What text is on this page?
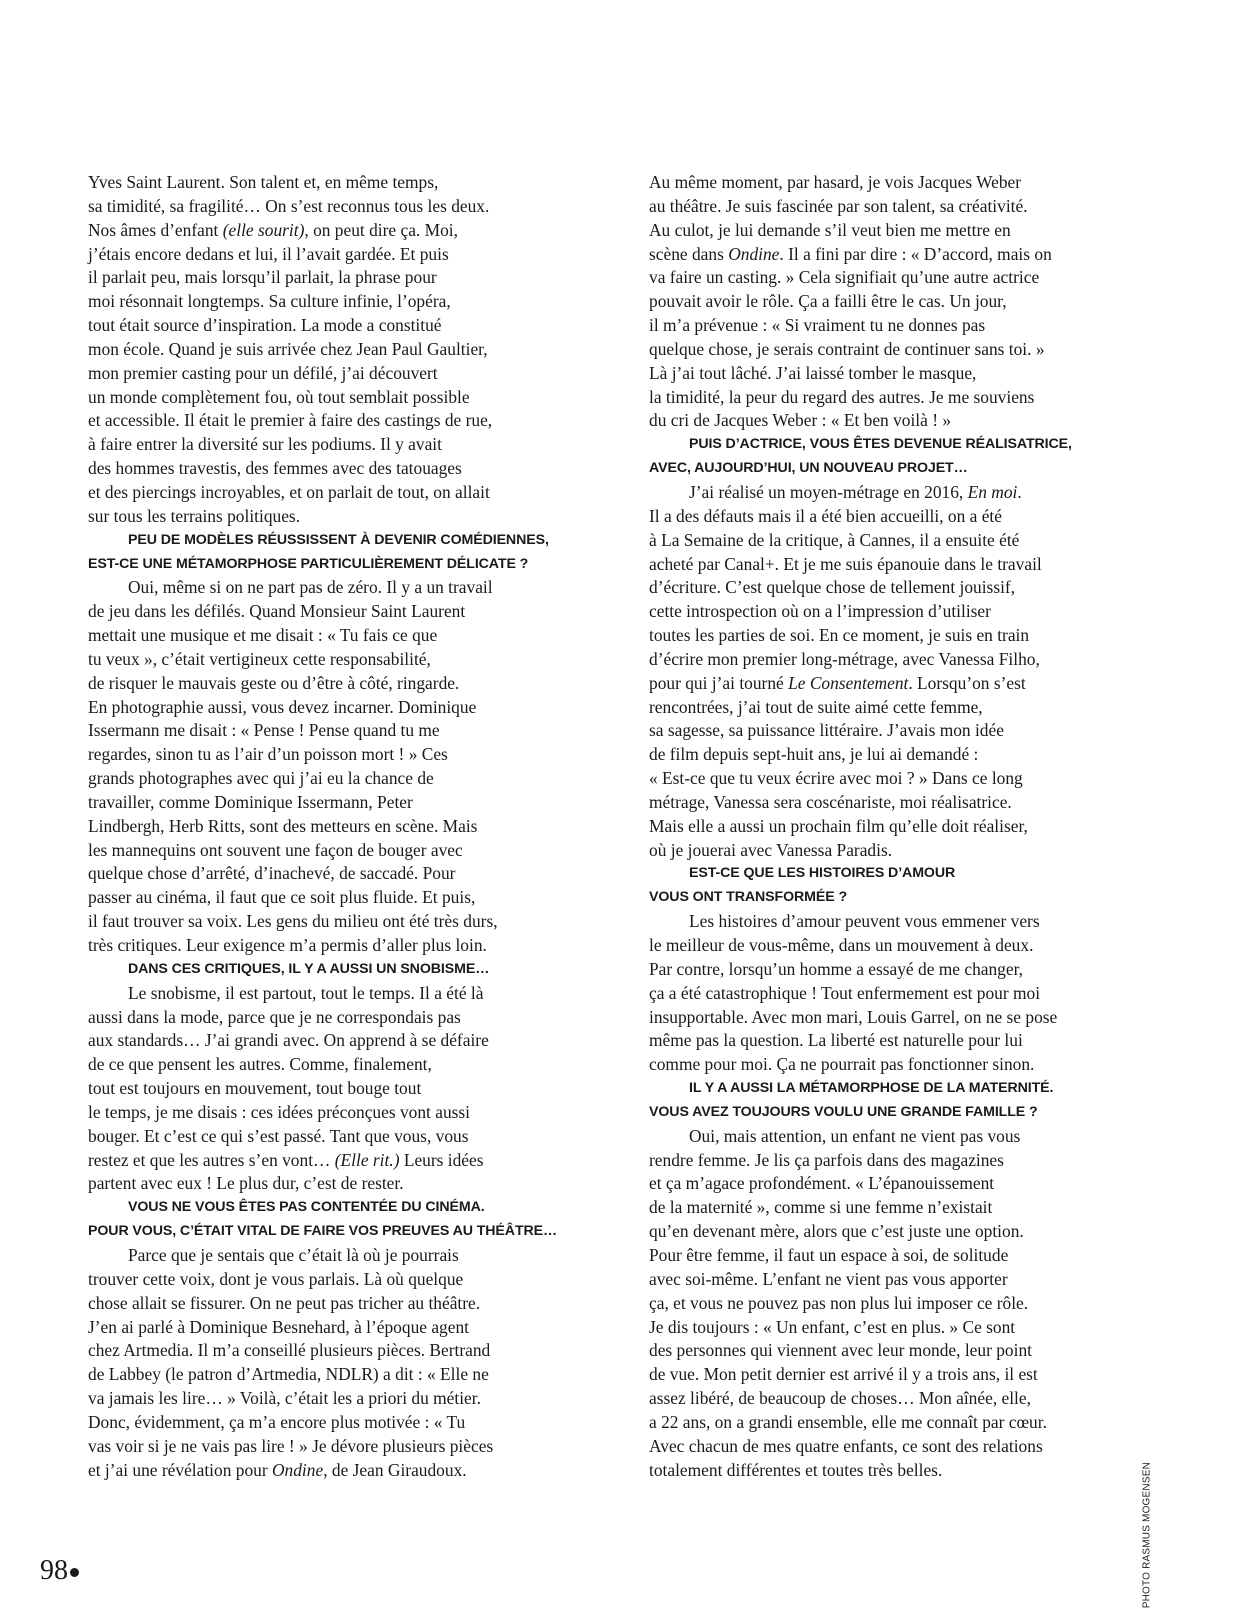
Yves Saint Laurent. Son talent et, en même temps,
sa timidité, sa fragilité… On s’est reconnus tous les deux.
Nos âmes d’enfant (elle sourit), on peut dire ça. Moi,
j’étais encore dedans et lui, il l’avait gardée. Et puis
il parlait peu, mais lorsqu’il parlait, la phrase pour
moi résonnait longtemps. Sa culture infinie, l’opéra,
tout était source d’inspiration. La mode a constitué
mon école. Quand je suis arrivée chez Jean Paul Gaultier,
mon premier casting pour un défilé, j’ai découvert
un monde complètement fou, où tout semblait possible
et accessible. Il était le premier à faire des castings de rue,
à faire entrer la diversité sur les podiums. Il y avait
des hommes travestis, des femmes avec des tatouages
et des piercings incroyables, et on parlait de tout, on allait
sur tous les terrains politiques.
PEU DE MODÈLES RÉUSSISSENT À DEVENIR COMÉDIENNES,
EST-CE UNE MÉTAMORPHOSE PARTICULIÈREMENT DÉLICATE ?
Oui, même si on ne part pas de zéro. Il y a un travail
de jeu dans les défilés. Quand Monsieur Saint Laurent
mettait une musique et me disait : « Tu fais ce que
tu veux », c’était vertigineux cette responsabilité,
de risquer le mauvais geste ou d’être à côté, ringarde.
En photographie aussi, vous devez incarner. Dominique
Issermann me disait : « Pense ! Pense quand tu me
regardes, sinon tu as l’air d’un poisson mort ! » Ces
grands photographes avec qui j’ai eu la chance de
travailler, comme Dominique Issermann, Peter
Lindbergh, Herb Ritts, sont des metteurs en scène. Mais
les mannequins ont souvent une façon de bouger avec
quelque chose d’arrêté, d’inachevé, de saccadé. Pour
passer au cinéma, il faut que ce soit plus fluide. Et puis,
il faut trouver sa voix. Les gens du milieu ont été très durs,
très critiques. Leur exigence m’a permis d’aller plus loin.
DANS CES CRITIQUES, IL Y A AUSSI UN SNOBISME…
Le snobisme, il est partout, tout le temps. Il a été là
aussi dans la mode, parce que je ne correspondais pas
aux standards… J’ai grandi avec. On apprend à se défaire
de ce que pensent les autres. Comme, finalement,
tout est toujours en mouvement, tout bouge tout
le temps, je me disais : ces idées préconçues vont aussi
bouger. Et c’est ce qui s’est passé. Tant que vous, vous
restez et que les autres s’en vont… (Elle rit.) Leurs idées
partent avec eux ! Le plus dur, c’est de rester.
VOUS NE VOUS ÊTES PAS CONTENTÉE DU CINÉMA.
POUR VOUS, C’ÉTAIT VITAL DE FAIRE VOS PREUVES AU THÉÂTRE…
Parce que je sentais que c’était là où je pourrais
trouver cette voix, dont je vous parlais. Là où quelque
chose allait se fissurer. On ne peut pas tricher au théâtre.
J’en ai parlé à Dominique Besnehard, à l’époque agent
chez Artmedia. Il m’a conseillé plusieurs pièces. Bertrand
de Labbey (le patron d’Artmedia, NDLR) a dit : « Elle ne
va jamais les lire… » Voilà, c’était les a priori du métier.
Donc, évidemment, ça m’a encore plus motivée : « Tu
vas voir si je ne vais pas lire ! » Je dévore plusieurs pièces
et j’ai une révélation pour Ondine, de Jean Giraudoux.
Au même moment, par hasard, je vois Jacques Weber
au théâtre. Je suis fascinée par son talent, sa créativité.
Au culot, je lui demande s’il veut bien me mettre en
scène dans Ondine. Il a fini par dire : « D’accord, mais on
va faire un casting. » Cela signifiait qu’une autre actrice
pouvait avoir le rôle. Ça a failli être le cas. Un jour,
il m’a prévenue : « Si vraiment tu ne donnes pas
quelque chose, je serais contraint de continuer sans toi. »
Là j’ai tout lâché. J’ai laissé tomber le masque,
la timidité, la peur du regard des autres. Je me souviens
du cri de Jacques Weber : « Et ben voilà ! »
PUIS D’ACTRICE, VOUS ÊTES DEVENUE RÉALISATRICE,
AVEC, AUJOURD’HUI, UN NOUVEAU PROJET…
J’ai réalisé un moyen-métrage en 2016, En moi.
Il a des défauts mais il a été bien accueilli, on a été
à La Semaine de la critique, à Cannes, il a ensuite été
acheté par Canal+. Et je me suis épanouie dans le travail
d’écriture. C’est quelque chose de tellement jouissif,
cette introspection où on a l’impression d’utiliser
toutes les parties de soi. En ce moment, je suis en train
d’écrire mon premier long-métrage, avec Vanessa Filho,
pour qui j’ai tourné Le Consentement. Lorsqu’on s’est
rencontrées, j’ai tout de suite aimé cette femme,
sa sagesse, sa puissance littéraire. J’avais mon idée
de film depuis sept-huit ans, je lui ai demandé :
« Est-ce que tu veux écrire avec moi ? » Dans ce long
métrage, Vanessa sera coscénariste, moi réalisatrice.
Mais elle a aussi un prochain film qu’elle doit réaliser,
où je jouerai avec Vanessa Paradis.
EST-CE QUE LES HISTOIRES D’AMOUR
VOUS ONT TRANSFORMÉE ?
Les histoires d’amour peuvent vous emmener vers
le meilleur de vous-même, dans un mouvement à deux.
Par contre, lorsqu’un homme a essayé de me changer,
ça a été catastrophique ! Tout enfermement est pour moi
insupportable. Avec mon mari, Louis Garrel, on ne se pose
même pas la question. La liberté est naturelle pour lui
comme pour moi. Ça ne pourrait pas fonctionner sinon.
IL Y A AUSSI LA MÉTAMORPHOSE DE LA MATERNITÉ.
VOUS AVEZ TOUJOURS VOULU UNE GRANDE FAMILLE ?
Oui, mais attention, un enfant ne vient pas vous
rendre femme. Je lis ça parfois dans des magazines
et ça m’agace profondément. « L’épanouissement
de la maternité », comme si une femme n’existait
qu’en devenant mère, alors que c’est juste une option.
Pour être femme, il faut un espace à soi, de solitude
avec soi-même. L’enfant ne vient pas vous apporter
ça, et vous ne pouvez pas non plus lui imposer ce rôle.
Je dis toujours : « Un enfant, c’est en plus. » Ce sont
des personnes qui viennent avec leur monde, leur point
de vue. Mon petit dernier est arrivé il y a trois ans, il est
assez libéré, de beaucoup de choses… Mon aînée, elle,
a 22 ans, on a grandi ensemble, elle me connaît par cœur.
Avec chacun de mes quatre enfants, ce sont des relations
totalement différentes et toutes très belles.	PHOTO RASMUS MOGENSEN
98
